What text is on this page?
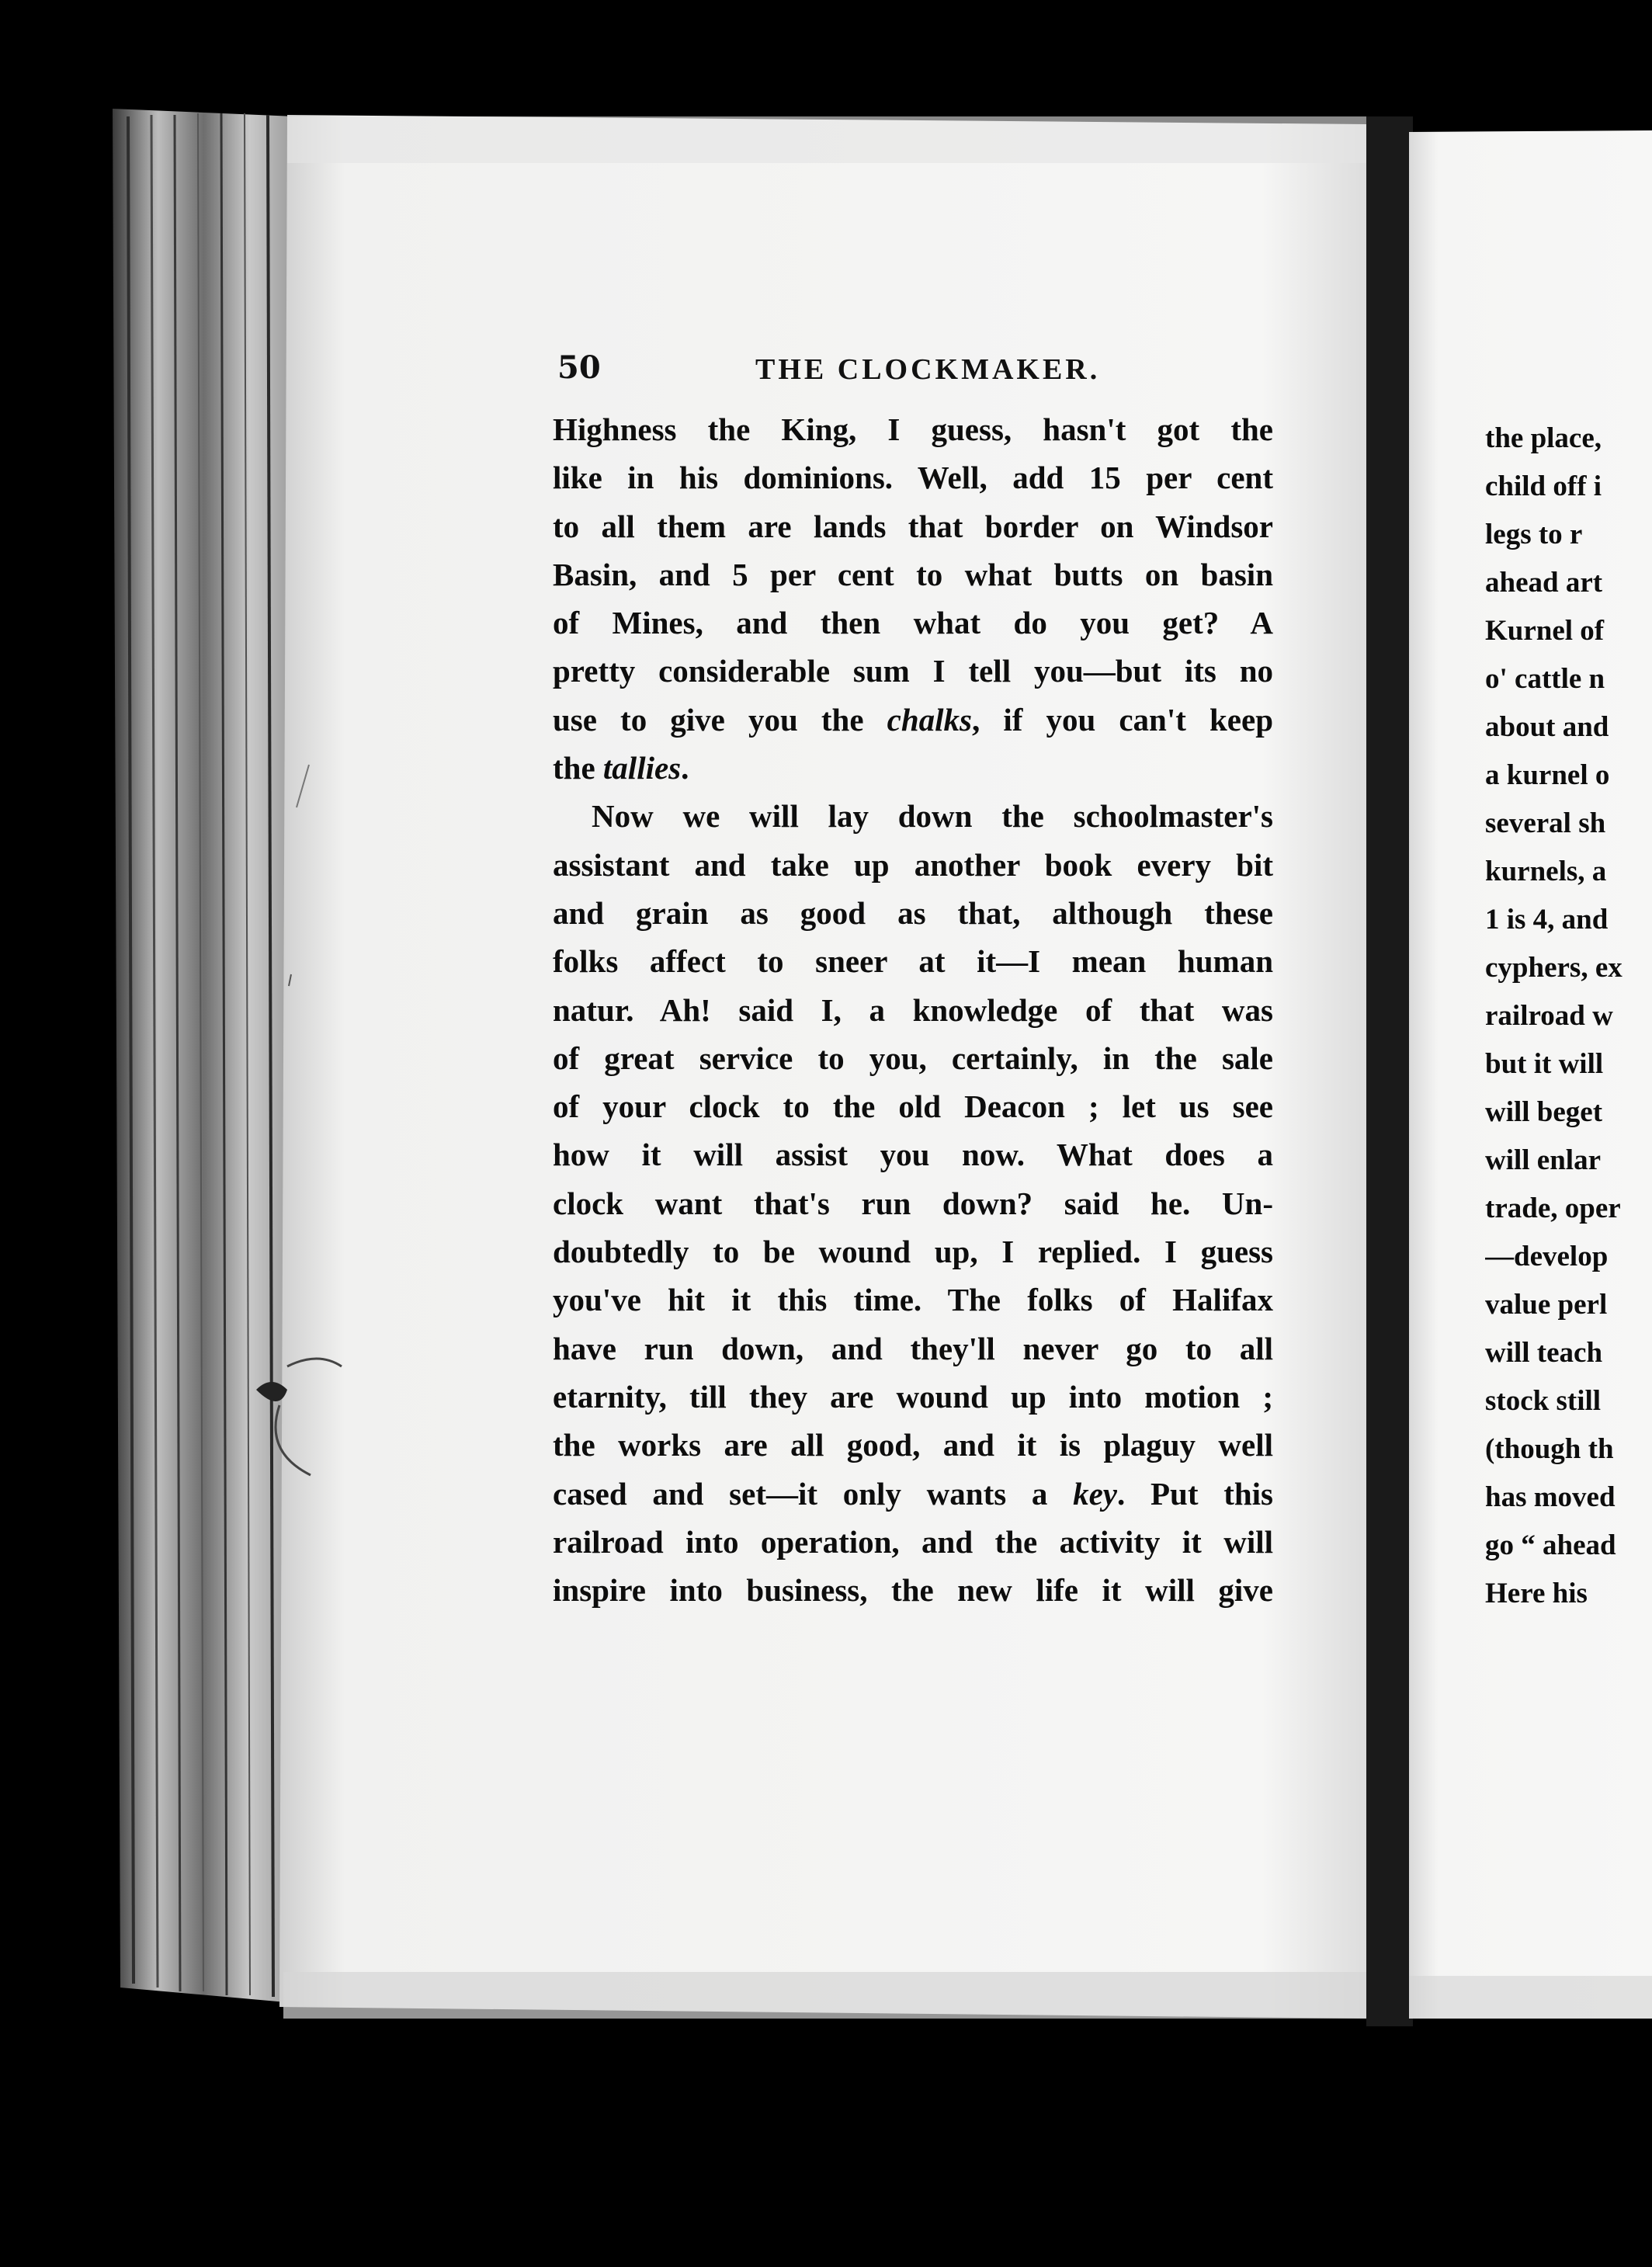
50	THE CLOCKMAKER.
Highness the King, I guess, hasn't got the
like in his dominions. Well, add 15 per cent
to all them are lands that border on Windsor
Basin, and 5 per cent to what butts on basin
of Mines, and then what do you get? A
pretty considerable sum I tell you—but its no
use to give you the chalks, if you can't keep
the tallies.
Now we will lay down the schoolmaster's
assistant and take up another book every bit
and grain as good as that, although these
folks affect to sneer at it—I mean human
natur. Ah! said I, a knowledge of that was
of great service to you, certainly, in the sale
of your clock to the old Deacon ; let us see
how it will assist you now. What does a
clock want that's run down? said he. Un-
doubtedly to be wound up, I replied. I guess
you've hit it this time. The folks of Halifax
have run down, and they'll never go to all
etarnity, till they are wound up into motion ;
the works are all good, and it is plaguy well
cased and set—it only wants a key. Put this
railroad into operation, and the activity it will
inspire into business, the new life it will give
the place,
child off i
legs to r
ahead art
Kurnel of
o' cattle n
about and
a kurnel o
several sh
kurnels, a
1 is 4, and
cyphers, ex
railroad w
but it will
will beget
will enlar
trade, oper
—develop
value perl
will teach
stock still
(though th
has moved
go “ ahead
Here his
